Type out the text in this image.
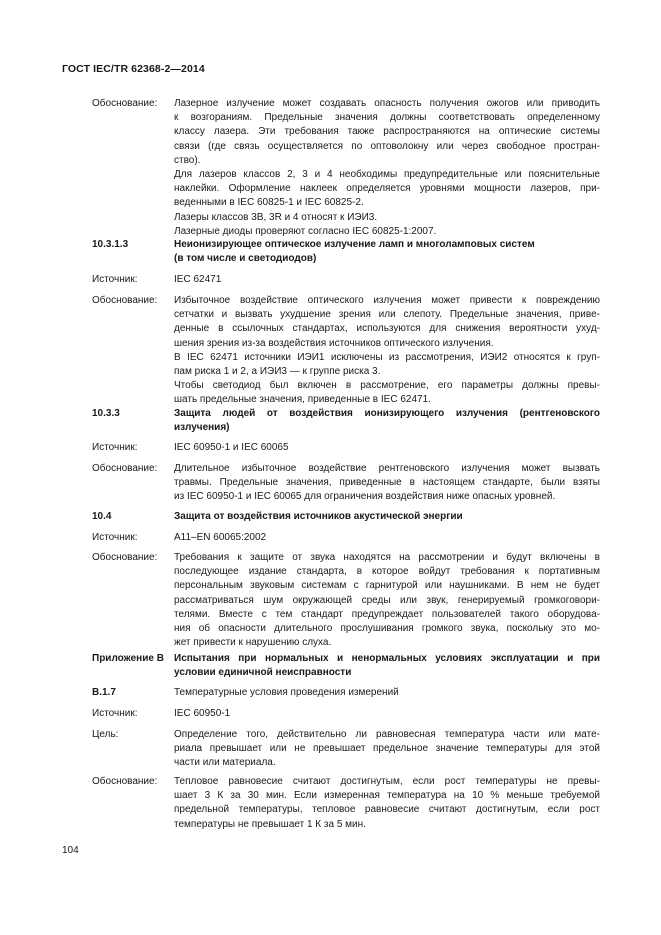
ГОСТ IEC/TR 62368-2—2014
Обоснование: Лазерное излучение может создавать опасность получения ожогов или приводить

к возгораниям. Предельные значения должны соответствовать определенному

классу лазера. Эти требования также распространяются на оптические системы

связи (где связь осуществляется по оптоволокну или через свободное простран-

ство).

Для лазеров классов 2, 3 и 4 необходимы предупредительные или пояснительные

наклейки. Оформление наклеек определяется уровнями мощности лазеров, при-

веденными в IEC 60825-1 и IEC 60825-2.

Лазеры классов 3В, 3R и 4 относят к ИЭИ3.

Лазерные диоды проверяют согласно IEC 60825-1:2007.

10.3.1.3	Неионизирующее оптическое излучение ламп и многоламповых систем

(в том числе и светодиодов)

Источник:	IEC 62471
Обоснование: Избыточное воздействие оптического излучения может привести к повреждению

сетчатки и вызвать ухудшение зрения или слепоту. Предельные значения, приве-

денные в ссылочных стандартах, используются для снижения вероятности ухуд-

шения зрения из-за воздействия источников оптического излучения.

В IEC 62471 источники ИЭИ1 исключены из рассмотрения, ИЭИ2 относятся к груп-

пам риска 1 и 2, а ИЭИ3 — к группе риска 3.

Чтобы светодиод был включен в рассмотрение, его параметры должны превы-

шать предельные значения, приведенные в IEC 62471.

10.3.3	Защита людей от воздействия ионизирующего излучения (рентгеновского

излучения)

Источник:	IEC 60950-1 и IEC 60065
Обоснование: Длительное избыточное воздействие рентгеновского излучения может вызвать

травмы. Предельные значения, приведенные в настоящем стандарте, были взяты

из IEC 60950-1 и IEC 60065 для ограничения воздействия ниже опасных уровней.

10.4	Защита от воздействия источников акустической энергии
Источник:	A11–EN 60065:2002
Обоснование: Требования к защите от звука находятся на рассмотрении и будут включены в

последующее издание стандарта, в которое войдут требования к портативным

персональным звуковым системам с гарнитурой или наушниками. В нем не будет

рассматриваться шум окружающей среды или звук, генерируемый громкоговори-

телями. Вместе с тем стандарт предупреждает пользователей такого оборудова-

ния об опасности длительного прослушивания громкого звука, поскольку это мо-

жет привести к нарушению слуха.

Приложение В Испытания при нормальных и ненормальных условиях эксплуатации и при

условии единичной неисправности

B.1.7	Температурные условия проведения измерений
Источник:	IEC 60950-1
Цель:	Определение того, действительно ли равновесная температура части или мате-

риала превышает или не превышает предельное значение температуры для этой

части или материала.

Обоснование: Тепловое равновесие считают достигнутым, если рост температуры не превы-

шает 3 К за 30 мин. Если измеренная температура на 10 % меньше требуемой

предельной температуры, тепловое равновесие считают достигнутым, если рост

температуры не превышает 1 К за 5 мин.

104
